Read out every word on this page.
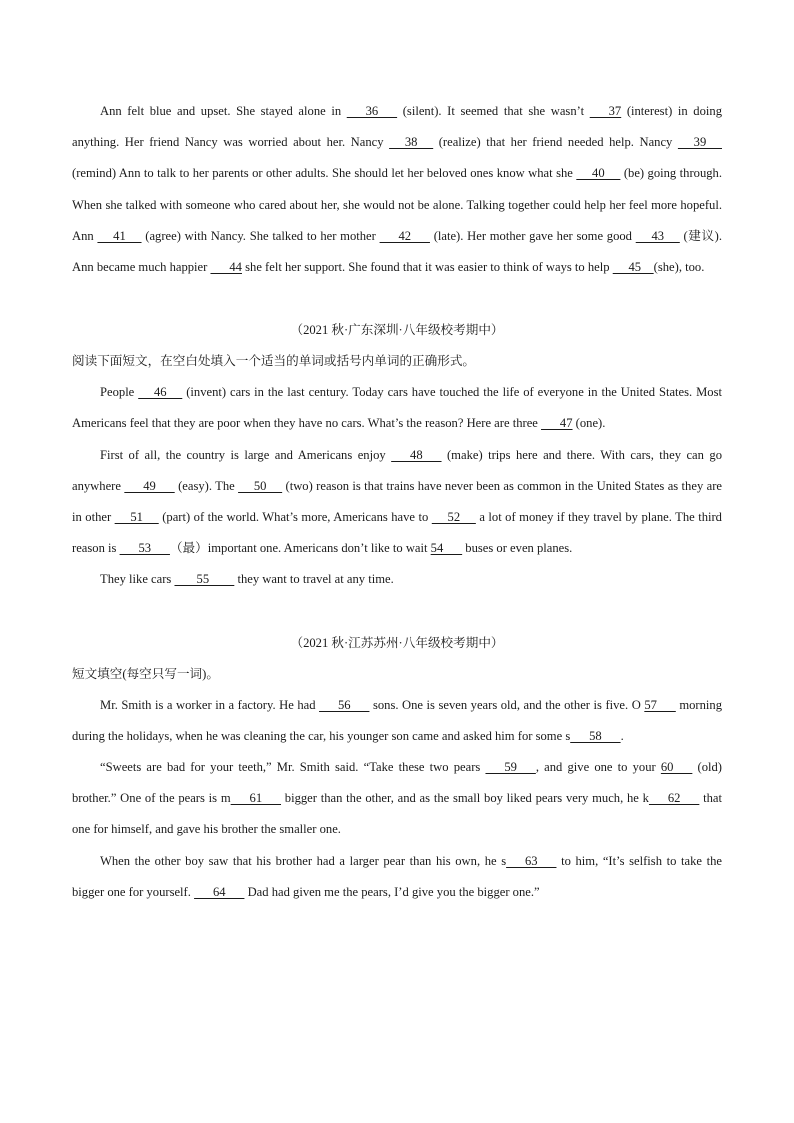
Ann felt blue and upset. She stayed alone in       36       (silent). It seemed that she wasn’t       37 (interest) in doing anything. Her friend Nancy was worried about her. Nancy      38      (realize) that her friend needed help. Nancy      39      (remind) Ann to talk to her parents or other adults. She should let her beloved ones know what she      40      (be) going through. When she talked with someone who cared about her, she would not be alone. Talking together could help her feel more hopeful. Ann      41      (agree) with Nancy. She talked to her mother       42       (late). Her mother gave her some good      43      (建议). Ann became much happier       44 she felt her support. She found that it was easier to think of ways to help      45    (she), too.

（2021 秋·广东深圳·八年级校考期中）

阅读下面短文，在空白处填入一个适当的单词或括号内单词的正确形式。

People      46      (invent) cars in the last century. Today cars have touched the life of everyone in the United States. Most Americans feel that they are poor when they have no cars. What’s the reason? Here are three       47 (one).

First of all, the country is large and Americans enjoy       48       (make) trips here and there. With cars, they can go anywhere       49       (easy). The      50      (two) reason is that trains have never been as common in the United States as they are in other      51      (part) of the world. What’s more, Americans have to      52      a lot of money if they travel by plane. The third reason is       53      （最）important one. Americans don’t like to wait 54       buses or even planes.

They like cars        55         they want to travel at any time.

（2021 秋·江苏苏州·八年级校考期中）

短文填空(每空只写一词)。

Mr. Smith is a worker in a factory. He had       56       sons. One is seven years old, and the other is five. O 57       morning during the holidays, when he was cleaning the car, his younger son came and asked him for some s      58      .

“Sweets are bad for your teeth,” Mr. Smith said. “Take these two pears       59      , and give one to your 60       (old) brother.” One of the pears is m      61       bigger than the other, and as the small boy liked pears very much, he k      62       that one for himself, and gave his brother the smaller one.

When the other boy saw that his brother had a larger pear than his own, he s      63       to him, “It’s selfish to take the bigger one for yourself.       64       Dad had given me the pears, I’d give you the bigger one.”
